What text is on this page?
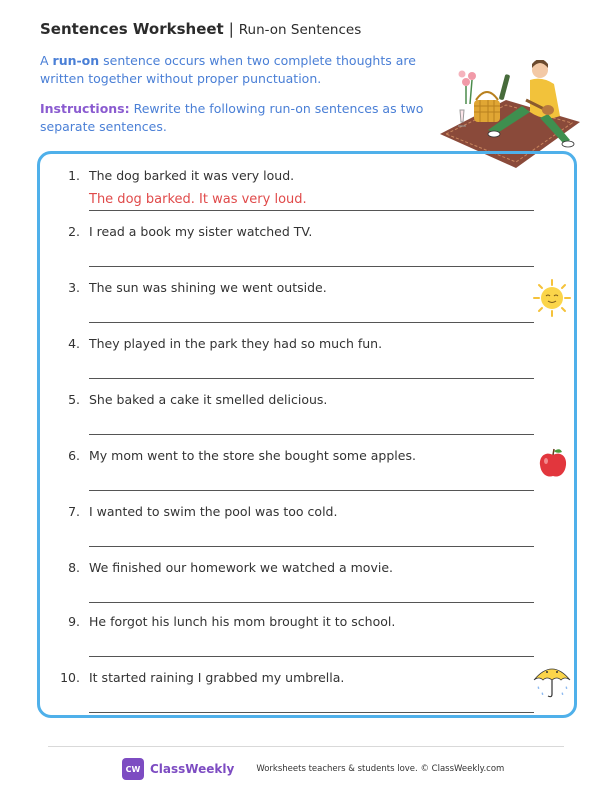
Sentences Worksheet | Run-on Sentences
A run-on sentence occurs when two complete thoughts are written together without proper punctuation.
Instructions: Rewrite the following run-on sentences as two separate sentences.
1. The dog barked it was very loud.
The dog barked. It was very loud.
2. I read a book my sister watched TV.
3. The sun was shining we went outside.
4. They played in the park they had so much fun.
5. She baked a cake it smelled delicious.
6. My mom went to the store she bought some apples.
7. I wanted to swim the pool was too cold.
8. We finished our homework we watched a movie.
9. He forgot his lunch his mom brought it to school.
10. It started raining I grabbed my umbrella.
CW ClassWeekly	Worksheets teachers & students love. © ClassWeekly.com
